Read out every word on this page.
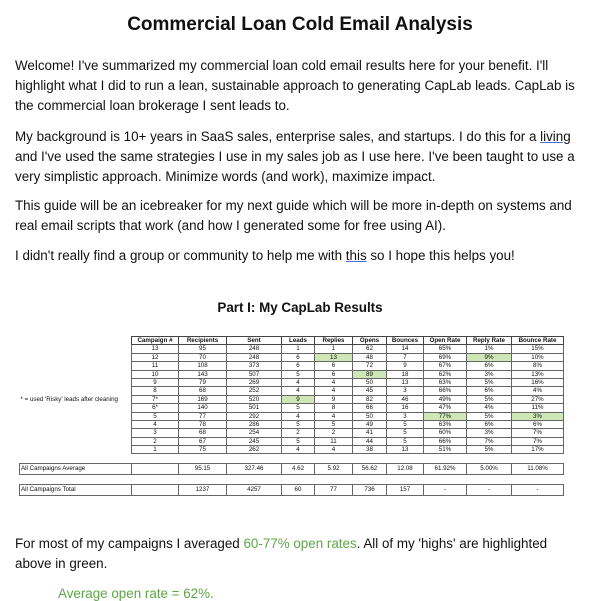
Commercial Loan Cold Email Analysis
Welcome! I've summarized my commercial loan cold email results here for your benefit. I'll highlight what I did to run a lean, sustainable approach to generating CapLab leads. CapLab is the commercial loan brokerage I sent leads to.
My background is 10+ years in SaaS sales, enterprise sales, and startups. I do this for a living and I've used the same strategies I use in my sales job as I use here. I've been taught to use a very simplistic approach. Minimize words (and work), maximize impact.
This guide will be an icebreaker for my next guide which will be more in-depth on systems and real email scripts that work (and how I generated some for free using AI).
I didn't really find a group or community to help me with this so I hope this helps you!
Part I: My CapLab Results
	Campaign #	Recipients	Sent	Leads	Replies	Opens	Bounces	Open Rate	Reply Rate	Bounce Rate
	13	95	248	1	1	62	14	65%	1%	15%
	12	70	248	6	13	48	7	69%	9%	10%
	11	108	373	6	6	72	9	67%	6%	8%
	10	143	507	5	6	89	18	62%	3%	13%
	9	79	269	4	4	50	13	63%	5%	16%
	8	68	252	4	4	45	3	66%	6%	4%
* = used 'Risky' leads after cleaning	7*	169	520	9	9	82	46	49%	5%	27%
	6*	140	501	5	8	66	16	47%	4%	11%
	5	77	292	4	4	50	3	77%	5%	3%
	4	78	286	5	5	49	5	63%	6%	6%
	3	68	254	2	2	41	5	60%	3%	7%
	2	67	245	5	11	44	5	66%	7%	7%
	1	75	262	4	4	38	13	51%	5%	17%

All Campaigns Average		95.15	327.46	4.62	5.92	56.62	12.08	61.92%	5.00%	11.08%

All Campaigns Total		1237	4257	60	77	736	157	-	-	-
For most of my campaigns I averaged 60-77% open rates. All of my 'highs' are highlighted above in green.
Average open rate = 62%.
